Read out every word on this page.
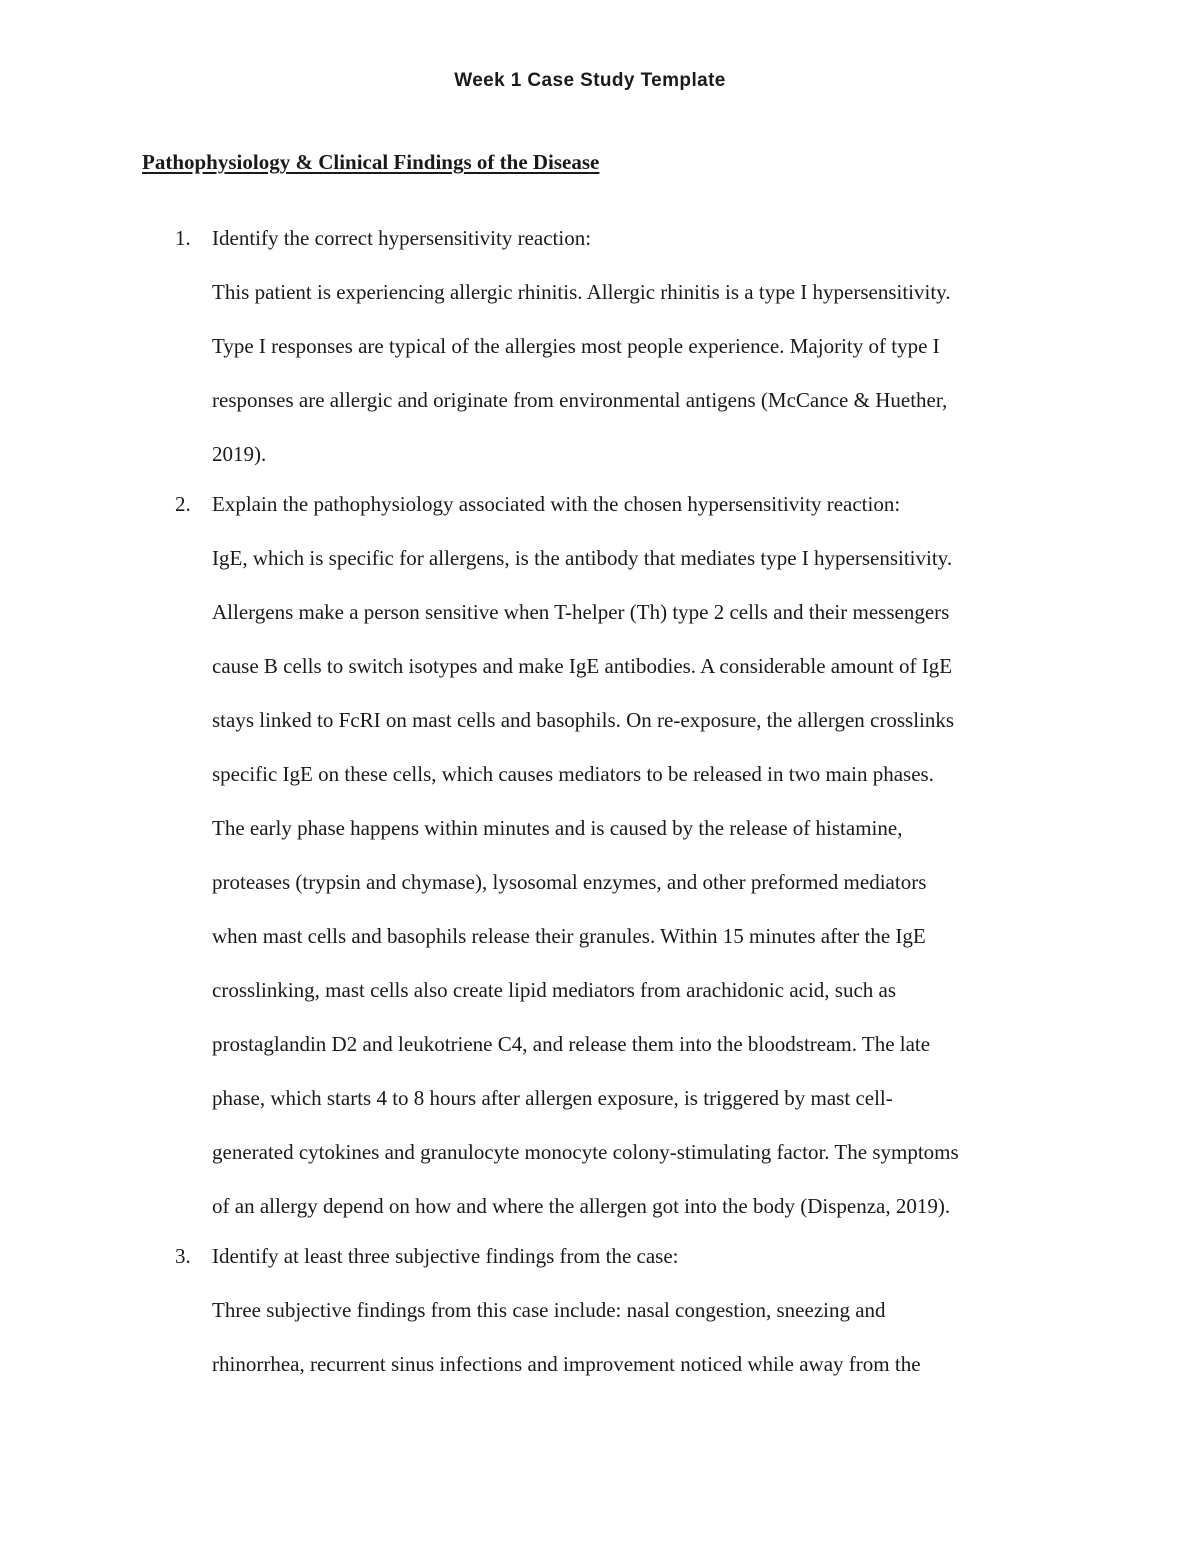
Week 1 Case Study Template
Pathophysiology & Clinical Findings of the Disease
1. Identify the correct hypersensitivity reaction:
This patient is experiencing allergic rhinitis. Allergic rhinitis is a type I hypersensitivity.
Type I responses are typical of the allergies most people experience. Majority of type I
responses are allergic and originate from environmental antigens (McCance & Huether,
2019).
2. Explain the pathophysiology associated with the chosen hypersensitivity reaction:
IgE, which is specific for allergens, is the antibody that mediates type I hypersensitivity.
Allergens make a person sensitive when T-helper (Th) type 2 cells and their messengers
cause B cells to switch isotypes and make IgE antibodies. A considerable amount of IgE
stays linked to FcRI on mast cells and basophils. On re-exposure, the allergen crosslinks
specific IgE on these cells, which causes mediators to be released in two main phases.
The early phase happens within minutes and is caused by the release of histamine,
proteases (trypsin and chymase), lysosomal enzymes, and other preformed mediators
when mast cells and basophils release their granules. Within 15 minutes after the IgE
crosslinking, mast cells also create lipid mediators from arachidonic acid, such as
prostaglandin D2 and leukotriene C4, and release them into the bloodstream. The late
phase, which starts 4 to 8 hours after allergen exposure, is triggered by mast cell-
generated cytokines and granulocyte monocyte colony-stimulating factor. The symptoms
of an allergy depend on how and where the allergen got into the body (Dispenza, 2019).
3. Identify at least three subjective findings from the case:
Three subjective findings from this case include: nasal congestion, sneezing and
rhinorrhea, recurrent sinus infections and improvement noticed while away from the
